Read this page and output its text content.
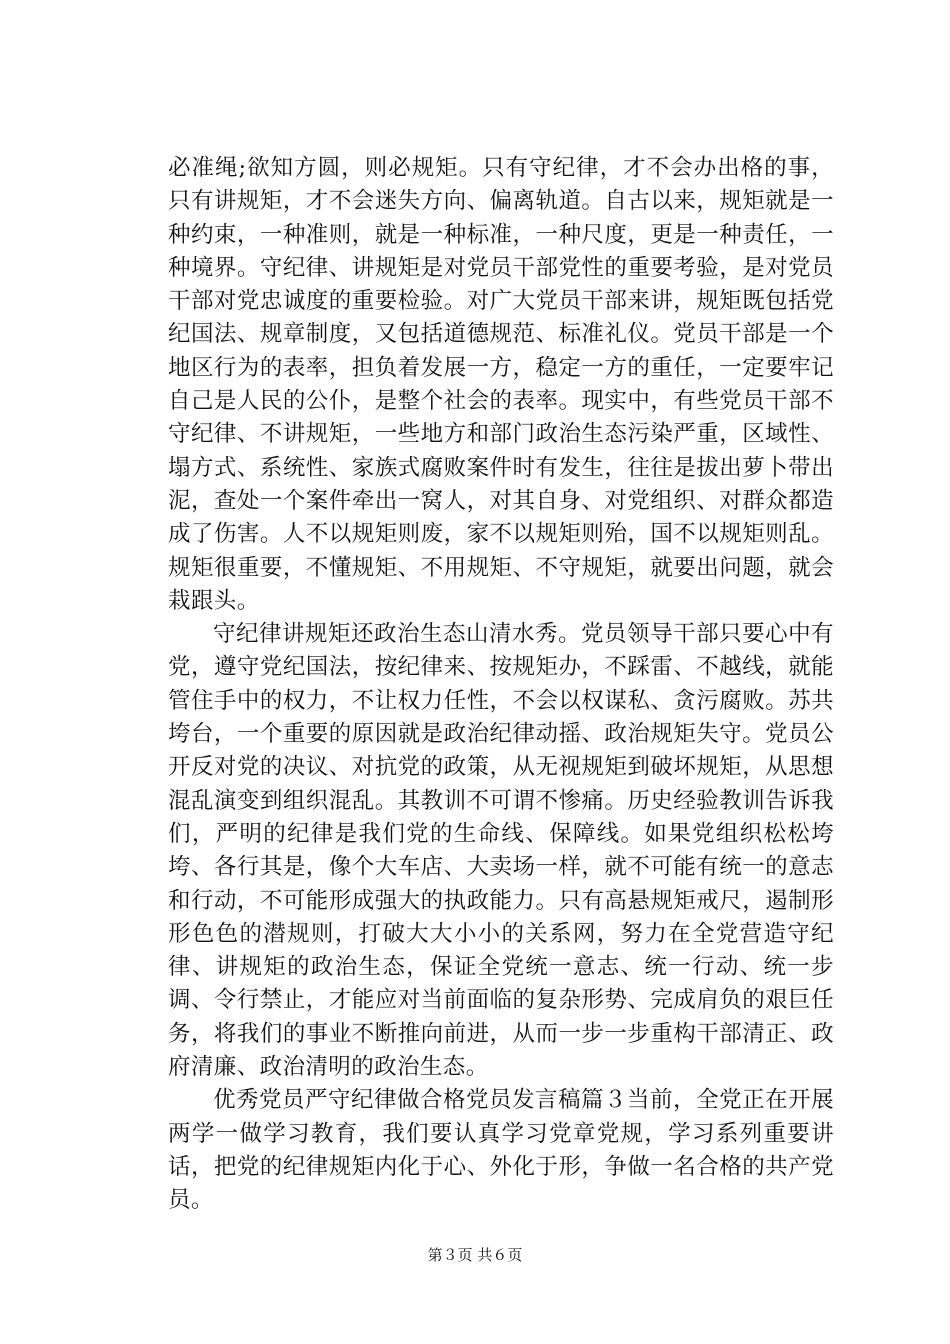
必准绳;欲知方圆，则必规矩。只有守纪律，才不会办出格的事，只有讲规矩，才不会迷失方向、偏离轨道。自古以来，规矩就是一种约束，一种准则，就是一种标准，一种尺度，更是一种责任，一种境界。守纪律、讲规矩是对党员干部党性的重要考验，是对党员干部对党忠诚度的重要检验。对广大党员干部来讲，规矩既包括党纪国法、规章制度，又包括道德规范、标准礼仪。党员干部是一个地区行为的表率，担负着发展一方，稳定一方的重任，一定要牢记自己是人民的公仆，是整个社会的表率。现实中，有些党员干部不守纪律、不讲规矩，一些地方和部门政治生态污染严重，区域性、塌方式、系统性、家族式腐败案件时有发生，往往是拔出萝卜带出泥，查处一个案件牵出一窝人，对其自身、对党组织、对群众都造成了伤害。人不以规矩则废，家不以规矩则殆，国不以规矩则乱。规矩很重要，不懂规矩、不用规矩、不守规矩，就要出问题，就会栽跟头。

守纪律讲规矩还政治生态山清水秀。党员领导干部只要心中有党，遵守党纪国法，按纪律来、按规矩办，不踩雷、不越线，就能管住手中的权力，不让权力任性，不会以权谋私、贪污腐败。苏共垮台，一个重要的原因就是政治纪律动摇、政治规矩失守。党员公开反对党的决议、对抗党的政策，从无视规矩到破坏规矩，从思想混乱演变到组织混乱。其教训不可谓不惨痛。历史经验教训告诉我们，严明的纪律是我们党的生命线、保障线。如果党组织松松垮垮、各行其是，像个大车店、大卖场一样，就不可能有统一的意志和行动，不可能形成强大的执政能力。只有高悬规矩戒尺，遏制形形色色的潜规则，打破大大小小的关系网，努力在全党营造守纪律、讲规矩的政治生态，保证全党统一意志、统一行动、统一步调、令行禁止，才能应对当前面临的复杂形势、完成肩负的艰巨任务，将我们的事业不断推向前进，从而一步一步重构干部清正、政府清廉、政治清明的政治生态。

优秀党员严守纪律做合格党员发言稿篇３当前，全党正在开展两学一做学习教育，我们要认真学习党章党规，学习系列重要讲话，把党的纪律规矩内化于心、外化于形，争做一名合格的共产党员。

第３页 共６页
